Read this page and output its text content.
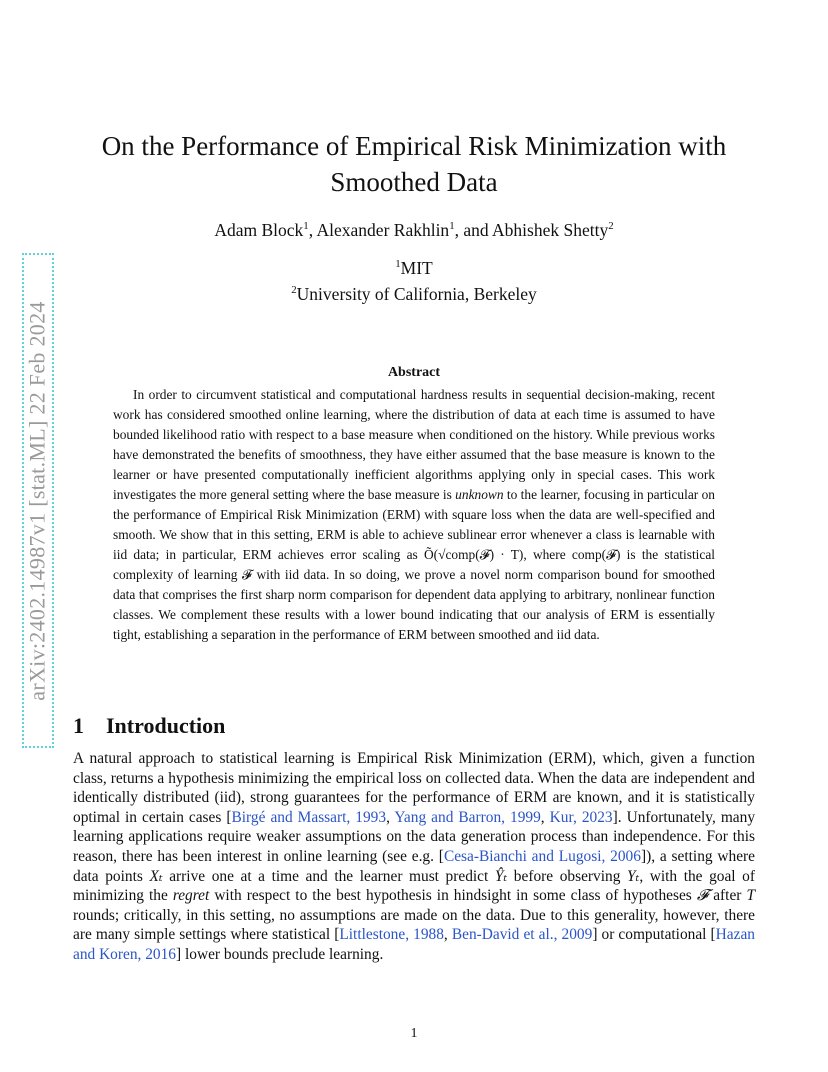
arXiv:2402.14987v1 [stat.ML] 22 Feb 2024
On the Performance of Empirical Risk Minimization with Smoothed Data
Adam Block$^1$, Alexander Rakhlin$^1$, and Abhishek Shetty$^2$
$^1$MIT
$^2$University of California, Berkeley
Abstract

In order to circumvent statistical and computational hardness results in sequential decision-making, recent work has considered smoothed online learning, where the distribution of data at each time is assumed to have bounded likelihood ratio with respect to a base measure when conditioned on the history. While previous works have demonstrated the benefits of smoothness, they have either assumed that the base measure is known to the learner or have presented computationally inefficient algorithms applying only in special cases. This work investigates the more general setting where the base measure is unknown to the learner, focusing in particular on the performance of Empirical Risk Minimization (ERM) with square loss when the data are well-specified and smooth. We show that in this setting, ERM is able to achieve sublinear error whenever a class is learnable with iid data; in particular, ERM achieves error scaling as Õ(√comp(𝓕) · T), where comp(𝓕) is the statistical complexity of learning 𝓕 with iid data. In so doing, we prove a novel norm comparison bound for smoothed data that comprises the first sharp norm comparison for dependent data applying to arbitrary, nonlinear function classes. We complement these results with a lower bound indicating that our analysis of ERM is essentially tight, establishing a separation in the performance of ERM between smoothed and iid data.

1 Introduction

A natural approach to statistical learning is Empirical Risk Minimization (ERM), which, given a function class, returns a hypothesis minimizing the empirical loss on collected data. When the data are independent and identically distributed (iid), strong guarantees for the performance of ERM are known, and it is statistically optimal in certain cases [Birgé and Massart, 1993, Yang and Barron, 1999, Kur, 2023]. Unfortunately, many learning applications require weaker assumptions on the data generation process than independence. For this reason, there has been interest in online learning (see e.g. [Cesa-Bianchi and Lugosi, 2006]), a setting where data points Xₜ arrive one at a time and the learner must predict Ŷₜ before observing Yₜ, with the goal of minimizing the regret with respect to the best hypothesis in hindsight in some class of hypotheses 𝓕 after T rounds; critically, in this setting, no assumptions are made on the data. Due to this generality, however, there are many simple settings where statistical [Littlestone, 1988, Ben-David et al., 2009] or computational [Hazan and Koren, 2016] lower bounds preclude learning.

1
